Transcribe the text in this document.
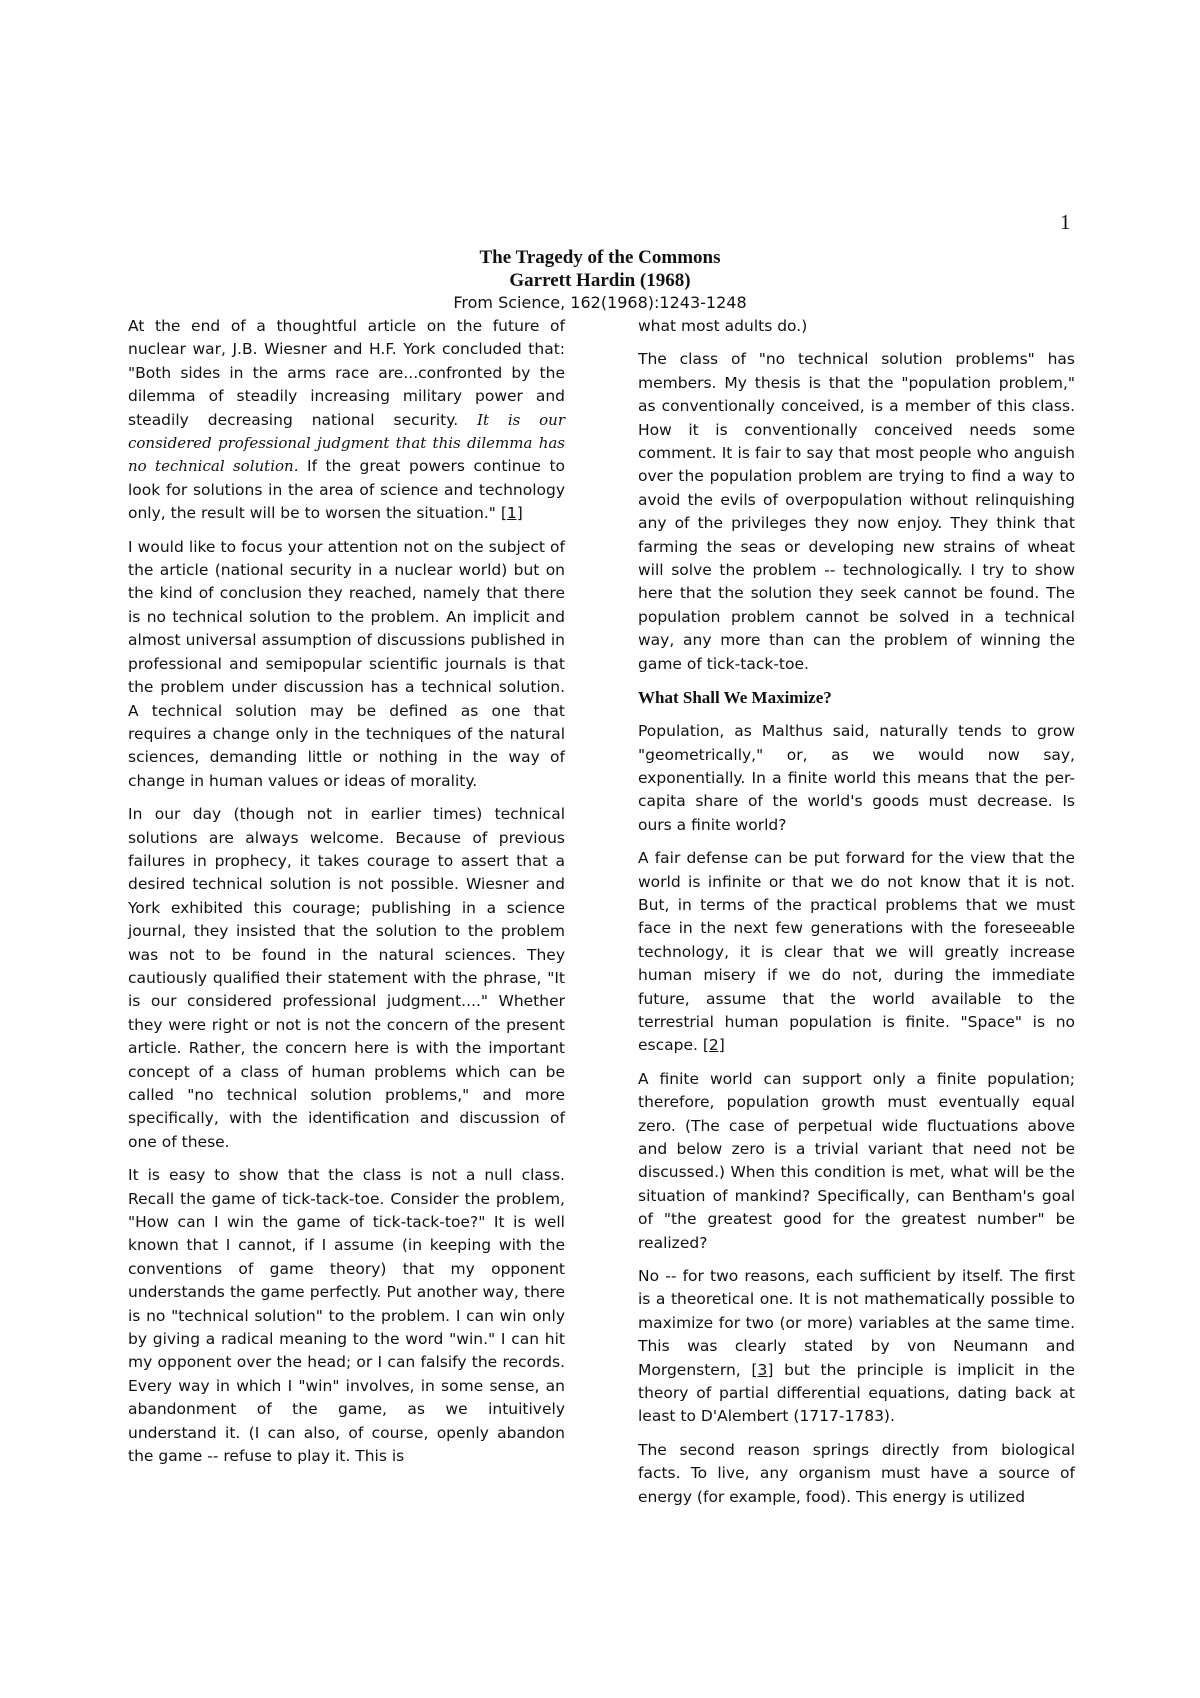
1
The Tragedy of the Commons
Garrett Hardin (1968)
From Science, 162(1968):1243-1248

At the end of a thoughtful article on the future of nuclear war, J.B. Wiesner and H.F. York concluded that: "Both sides in the arms race are...confronted by the dilemma of steadily increasing military power and steadily decreasing national security. It is our considered professional judgment that this dilemma has no technical solution. If the great powers continue to look for solutions in the area of science and technology only, the result will be to worsen the situation." [1]

I would like to focus your attention not on the subject of the article (national security in a nuclear world) but on the kind of conclusion they reached, namely that there is no technical solution to the problem. An implicit and almost universal assumption of discussions published in professional and semipopular scientific journals is that the problem under discussion has a technical solution. A technical solution may be defined as one that requires a change only in the techniques of the natural sciences, demanding little or nothing in the way of change in human values or ideas of morality.

In our day (though not in earlier times) technical solutions are always welcome. Because of previous failures in prophecy, it takes courage to assert that a desired technical solution is not possible. Wiesner and York exhibited this courage; publishing in a science journal, they insisted that the solution to the problem was not to be found in the natural sciences. They cautiously qualified their statement with the phrase, "It is our considered professional judgment...." Whether they were right or not is not the concern of the present article. Rather, the concern here is with the important concept of a class of human problems which can be called "no technical solution problems," and more specifically, with the identification and discussion of one of these.

It is easy to show that the class is not a null class. Recall the game of tick-tack-toe. Consider the problem, "How can I win the game of tick-tack-toe?" It is well known that I cannot, if I assume (in keeping with the conventions of game theory) that my opponent understands the game perfectly. Put another way, there is no "technical solution" to the problem. I can win only by giving a radical meaning to the word "win." I can hit my opponent over the head; or I can falsify the records. Every way in which I "win" involves, in some sense, an abandonment of the game, as we intuitively understand it. (I can also, of course, openly abandon the game -- refuse to play it. This is

what most adults do.)

The class of "no technical solution problems" has members. My thesis is that the "population problem," as conventionally conceived, is a member of this class. How it is conventionally conceived needs some comment. It is fair to say that most people who anguish over the population problem are trying to find a way to avoid the evils of overpopulation without relinquishing any of the privileges they now enjoy. They think that farming the seas or developing new strains of wheat will solve the problem -- technologically. I try to show here that the solution they seek cannot be found. The population problem cannot be solved in a technical way, any more than can the problem of winning the game of tick-tack-toe.

What Shall We Maximize?

Population, as Malthus said, naturally tends to grow "geometrically," or, as we would now say, exponentially. In a finite world this means that the per-capita share of the world's goods must decrease. Is ours a finite world?

A fair defense can be put forward for the view that the world is infinite or that we do not know that it is not. But, in terms of the practical problems that we must face in the next few generations with the foreseeable technology, it is clear that we will greatly increase human misery if we do not, during the immediate future, assume that the world available to the terrestrial human population is finite. "Space" is no escape. [2]

A finite world can support only a finite population; therefore, population growth must eventually equal zero. (The case of perpetual wide fluctuations above and below zero is a trivial variant that need not be discussed.) When this condition is met, what will be the situation of mankind? Specifically, can Bentham's goal of "the greatest good for the greatest number" be realized?

No -- for two reasons, each sufficient by itself. The first is a theoretical one. It is not mathematically possible to maximize for two (or more) variables at the same time. This was clearly stated by von Neumann and Morgenstern, [3] but the principle is implicit in the theory of partial differential equations, dating back at least to D'Alembert (1717-1783).

The second reason springs directly from biological facts. To live, any organism must have a source of energy (for example, food). This energy is utilized
